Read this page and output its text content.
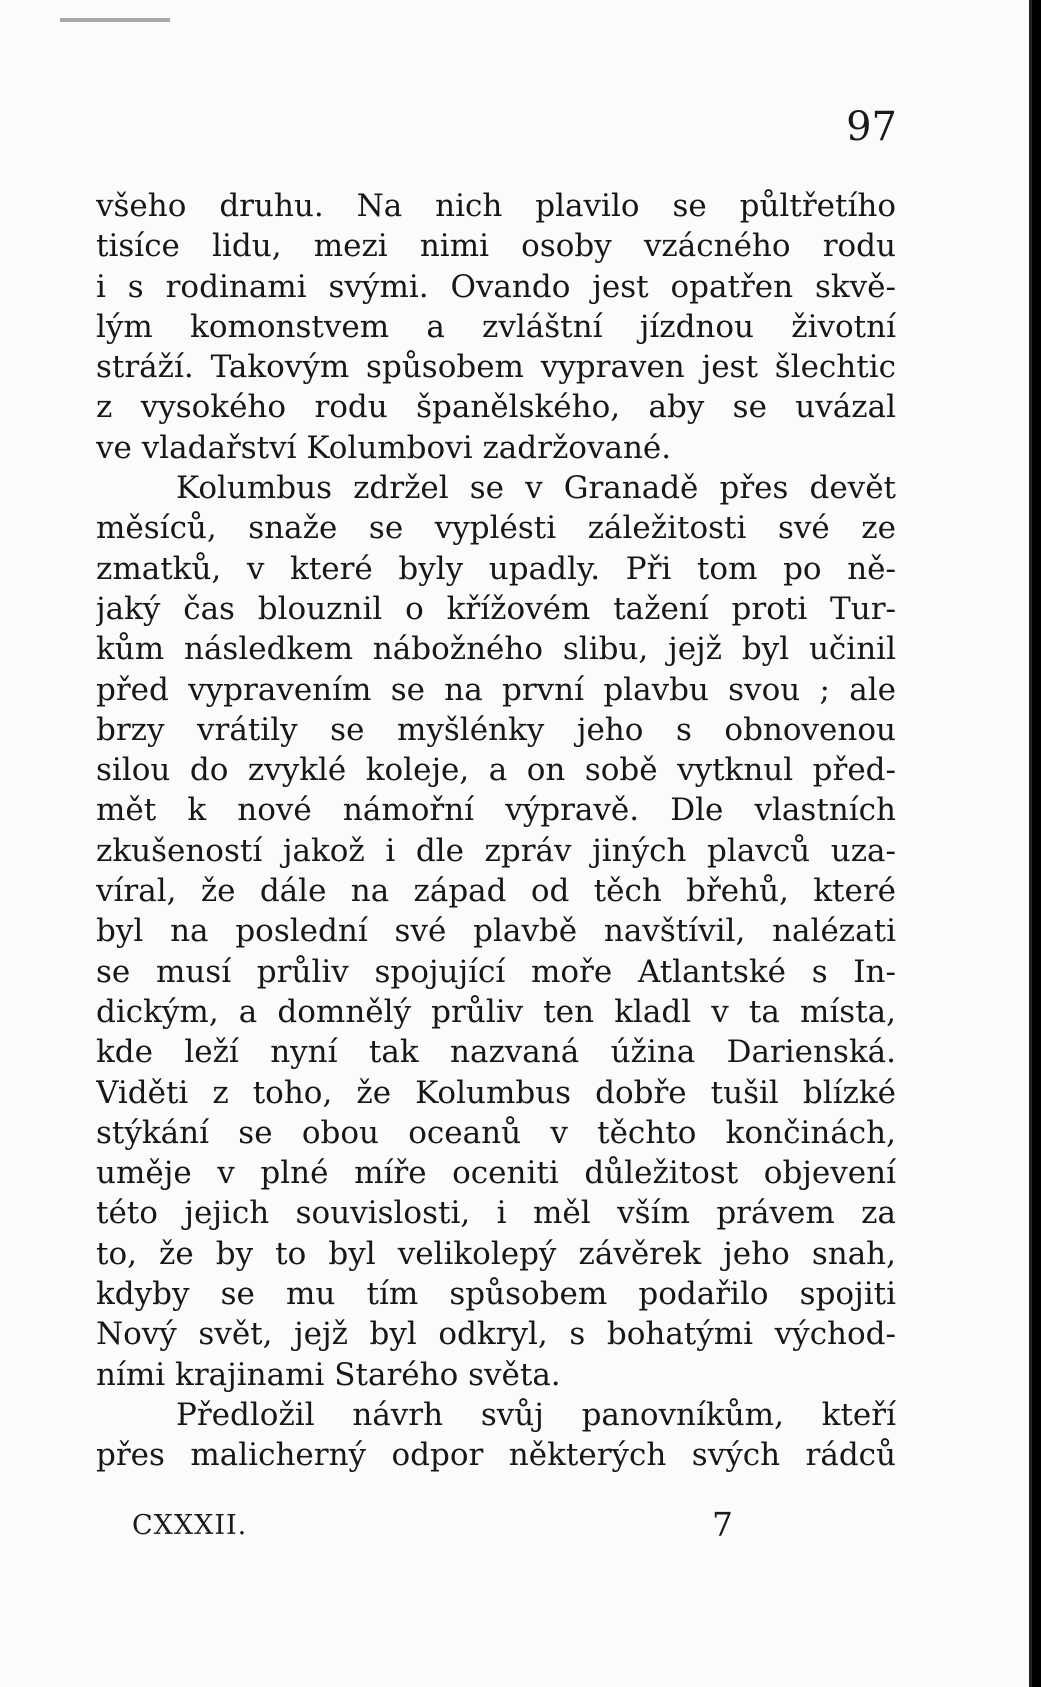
97
všeho druhu. Na nich plavilo se půltřetího
tisíce lidu, mezi nimi osoby vzácného rodu
i s rodinami svými. Ovando jest opatřen skvě-
lým komonstvem a zvláštní jízdnou životní
stráží. Takovým spůsobem vypraven jest šlechtic
z vysokého rodu španělského, aby se uvázal
ve vladařství Kolumbovi zadržované.
Kolumbus zdržel se v Granadě přes devět
měsíců, snaže se vyplésti záležitosti své ze
zmatků, v které byly upadly. Při tom po ně-
jaký čas blouznil o křížovém tažení proti Tur-
kům následkem nábožného slibu, jejž byl učinil
před vypravením se na první plavbu svou ; ale
brzy vrátily se myšlénky jeho s obnovenou
silou do zvyklé koleje, a on sobě vytknul před-
mět k nové námořní výpravě. Dle vlastních
zkušeností jakož i dle zpráv jiných plavců uza-
víral, že dále na západ od těch břehů, které
byl na poslední své plavbě navštívil, nalézati
se musí průliv spojující moře Atlantské s In-
dickým, a domnělý průliv ten kladl v ta místa,
kde leží nyní tak nazvaná úžina Darienská.
Viděti z toho, že Kolumbus dobře tušil blízké
stýkání se obou oceanů v těchto končinách,
uměje v plné míře oceniti důležitost objevení
této jejich souvislosti, i měl vším právem za
to, že by to byl velikolepý závěrek jeho snah,
kdyby se mu tím spůsobem podařilo spojiti
Nový svět, jejž byl odkryl, s bohatými východ-
ními krajinami Starého světa.
Předložil návrh svůj panovníkům, kteří
přes malicherný odpor některých svých rádců
CXXXII.	7
